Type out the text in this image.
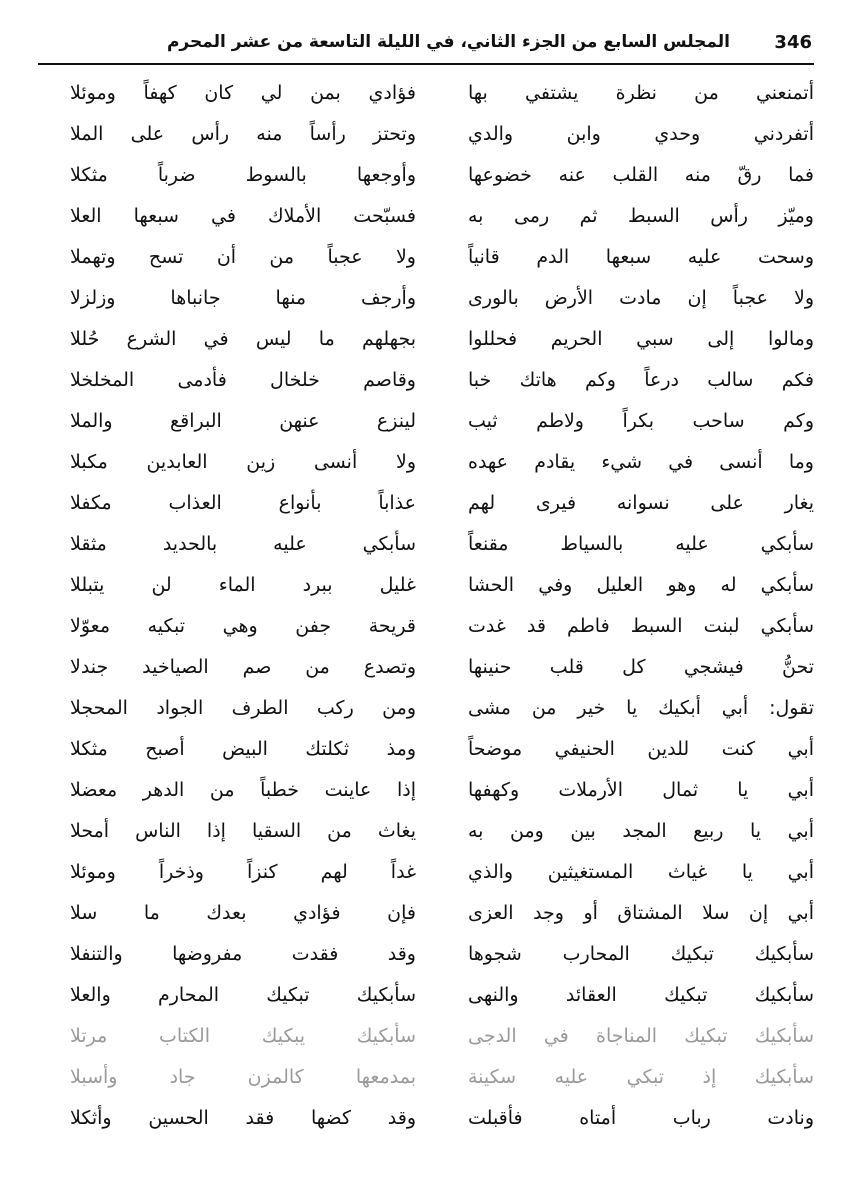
346
المجلس السابع من الجزء الثاني، في الليلة التاسعة من عشر المحرم
أتمنعني من نظرة يشتفي بها
فؤادي بمن لي كان كهفاً وموئلا
أتفردني وحدي وابن والدي
وتحتز رأساً منه رأس على الملا
فما رقّ منه القلب عنه خضوعها
وأوجعها بالسوط ضرباً مثكلا
وميّز رأس السبط ثم رمى به
فسبّحت الأملاك في سبعها العلا
وسحت عليه سبعها الدم قانياً
ولا عجباً من أن تسح وتهملا
ولا عجباً إن مادت الأرض بالورى
وأرجف منها جانباها وزلزلا
ومالوا إلى سبي الحريم فحللوا
بجهلهم ما ليس في الشرع حُللا
فكم سالب درعاً وكم هاتك خبا
وقاصم خلخال فأدمى المخلخلا
وكم ساحب بكراً ولاطم ثيب
لينزع عنهن البراقع والملا
وما أنسى في شيء يقادم عهده
ولا أنسى زين العابدين مكبلا
يغار على نسوانه فيرى لهم
عذاباً بأنواع العذاب مكفلا
سأبكي عليه بالسياط مقنعاً
سأبكي عليه بالحديد مثقلا
سأبكي له وهو العليل وفي الحشا
غليل ببرد الماء لن يتبللا
سأبكي لبنت السبط فاطم قد غدت
قريحة جفن وهي تبكيه معوّلا
تحنُّ فيشجي كل قلب حنينها
وتصدع من صم الصياخيد جندلا
تقول: أبي أبكيك يا خير من مشى
ومن ركب الطرف الجواد المحجلا
أبي كنت للدين الحنيفي موضحاً
ومذ ثكلتك البيض أصبح مثكلا
أبي يا ثمال الأرملات وكهفها
إذا عاينت خطباً من الدهر معضلا
أبي يا ربيع المجد بين ومن به
يغاث من السقيا إذا الناس أمحلا
أبي يا غياث المستغيثين والذي
غداً لهم كنزاً وذخراً وموئلا
أبي إن سلا المشتاق أو وجد العزى
فإن فؤادي بعدك ما سلا
سأبكيك تبكيك المحارب شجوها
وقد فقدت مفروضها والتنفلا
سأبكيك تبكيك العقائد والنهى
سأبكيك تبكيك المحارم والعلا
سأبكيك تبكيك المناجاة في الدجى
سأبكيك يبكيك الكتاب مرتلا
سأبكيك إذ تبكي عليه سكينة
بمدمعها كالمزن جاد وأسبلا
ونادت رباب أمتاه فأقبلت
وقد كضها فقد الحسين وأثكلا
